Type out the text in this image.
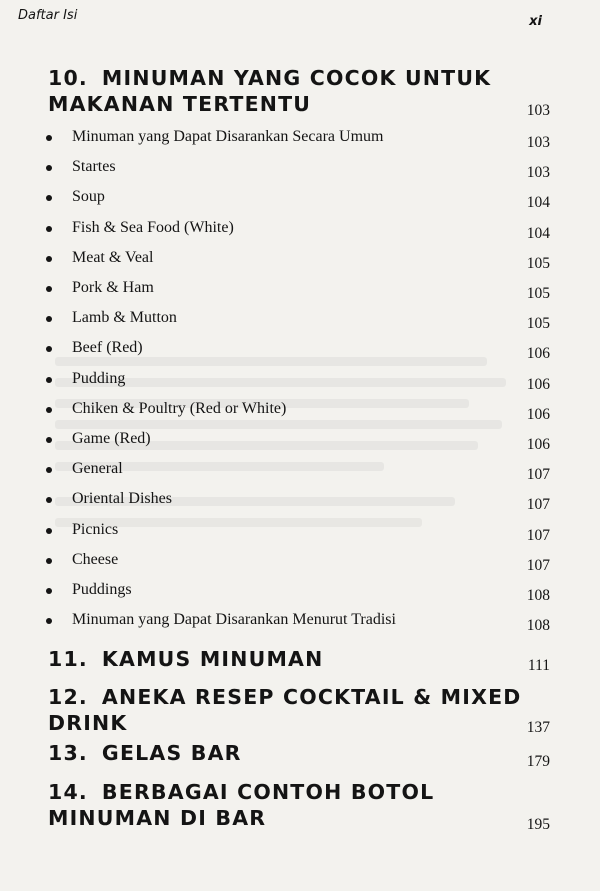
Daftar Isi	xi
10. MINUMAN YANG COCOK UNTUK
MAKANAN TERTENTU	103
Minuman yang Dapat Disarankan Secara Umum	103
Startes	103
Soup	104
Fish & Sea Food (White)	104
Meat & Veal	105
Pork & Ham	105
Lamb & Mutton	105
Beef (Red)	106
Pudding	106
Chiken & Poultry (Red or White)	106
Game (Red)	106
General	107
Oriental Dishes	107
Picnics	107
Cheese	107
Puddings	108
Minuman yang Dapat Disarankan Menurut Tradisi	108
11. KAMUS MINUMAN	111
12. ANEKA RESEP COCKTAIL & MIXED
DRINK	137
13. GELAS BAR	179
14. BERBAGAI CONTOH BOTOL
MINUMAN DI BAR	195
